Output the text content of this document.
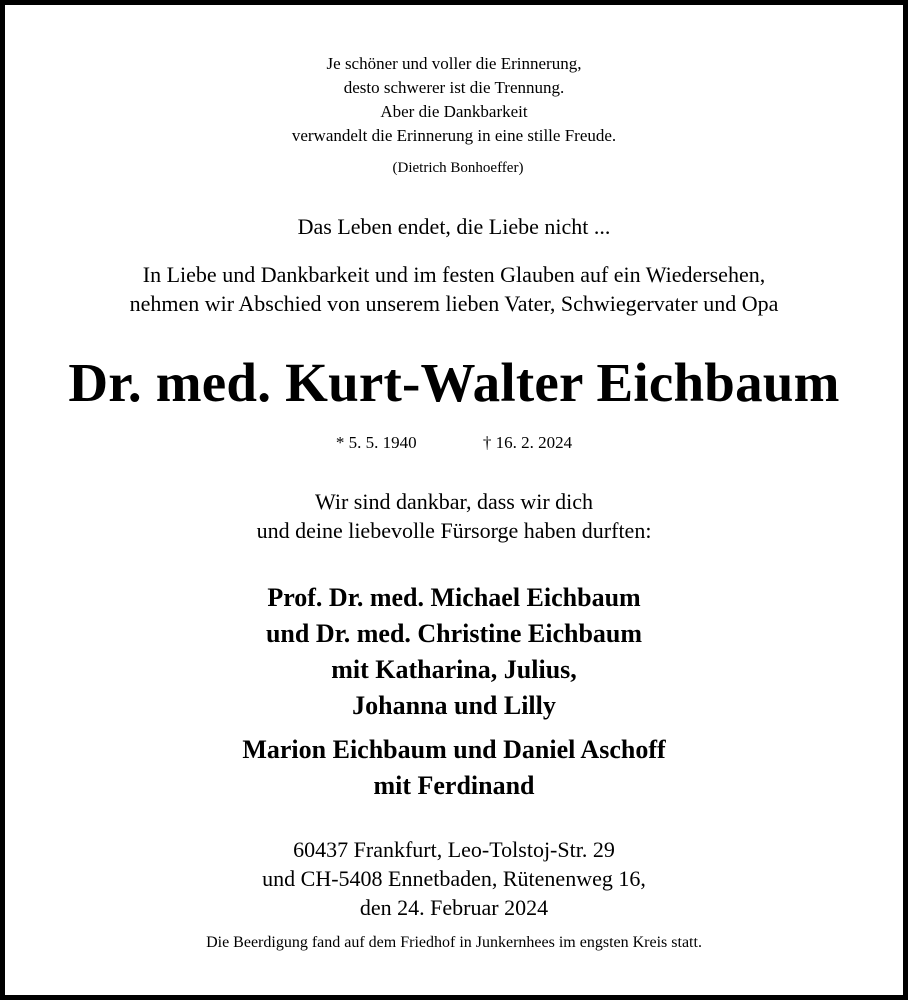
Je schöner und voller die Erinnerung,
desto schwerer ist die Trennung.
Aber die Dankbarkeit
verwandelt die Erinnerung in eine stille Freude.
(Dietrich Bonhoeffer)
Das Leben endet, die Liebe nicht ...
In Liebe und Dankbarkeit und im festen Glauben auf ein Wiedersehen,
nehmen wir Abschied von unserem lieben Vater, Schwiegervater und Opa
Dr. med. Kurt-Walter Eichbaum
* 5. 5. 1940	† 16. 2. 2024
Wir sind dankbar, dass wir dich
und deine liebevolle Fürsorge haben durften:
Prof. Dr. med. Michael Eichbaum
und Dr. med. Christine Eichbaum
mit Katharina, Julius,
Johanna und Lilly
Marion Eichbaum und Daniel Aschoff
mit Ferdinand
60437 Frankfurt, Leo-Tolstoj-Str. 29
und CH-5408 Ennetbaden, Rütenenweg 16,
den 24. Februar 2024
Die Beerdigung fand auf dem Friedhof in Junkernhees im engsten Kreis statt.
